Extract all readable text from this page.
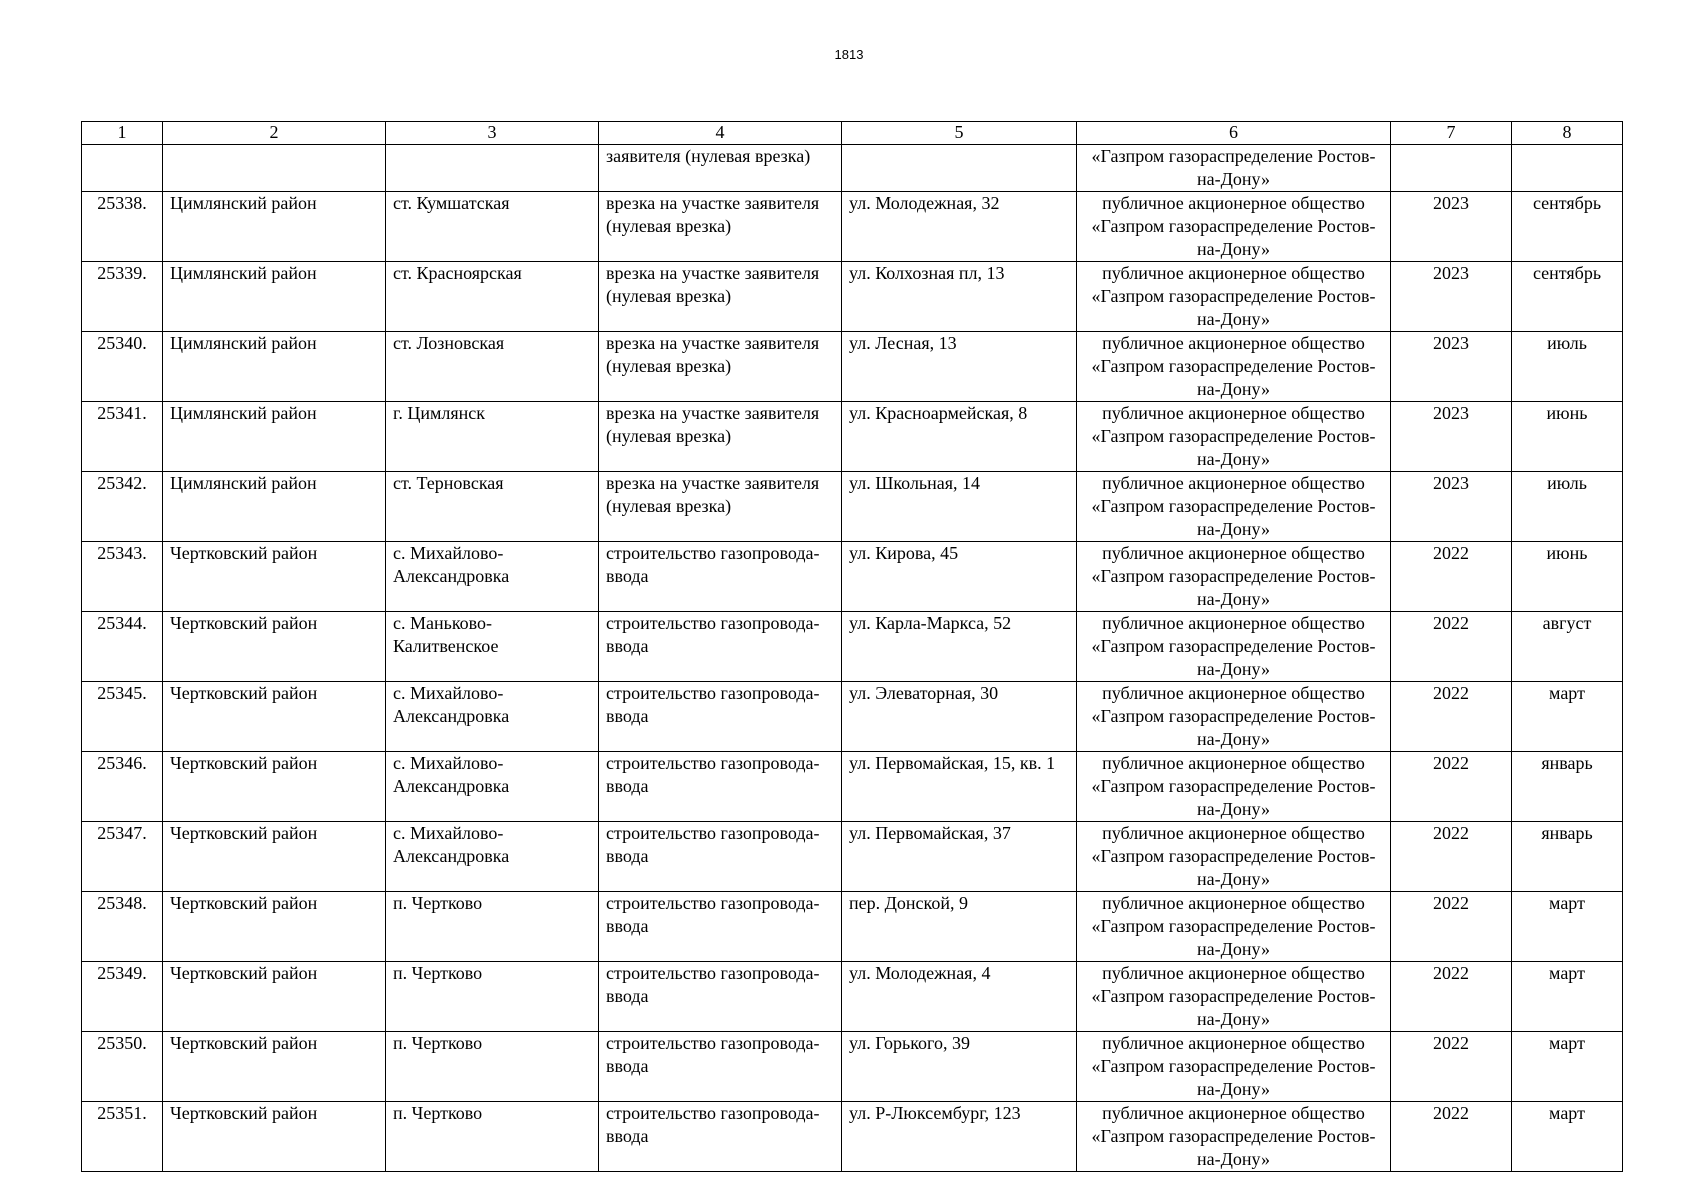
1813
1	2	3	4	5	6	7	8
			заявителя (нулевая врезка)		«Газпром газораспределение Ростов-на-Дону»		
25338.	Цимлянский район	ст. Кумшатская	врезка на участке заявителя (нулевая врезка)	ул. Молодежная, 32	публичное акционерное общество «Газпром газораспределение Ростов-на-Дону»	2023	сентябрь
25339.	Цимлянский район	ст. Красноярская	врезка на участке заявителя (нулевая врезка)	ул. Колхозная пл, 13	публичное акционерное общество «Газпром газораспределение Ростов-на-Дону»	2023	сентябрь
25340.	Цимлянский район	ст. Лозновская	врезка на участке заявителя (нулевая врезка)	ул. Лесная, 13	публичное акционерное общество «Газпром газораспределение Ростов-на-Дону»	2023	июль
25341.	Цимлянский район	г. Цимлянск	врезка на участке заявителя (нулевая врезка)	ул. Красноармейская, 8	публичное акционерное общество «Газпром газораспределение Ростов-на-Дону»	2023	июнь
25342.	Цимлянский район	ст. Терновская	врезка на участке заявителя (нулевая врезка)	ул. Школьная, 14	публичное акционерное общество «Газпром газораспределение Ростов-на-Дону»	2023	июль
25343.	Чертковский район	с. Михайлово-Александровка	строительство газопровода-ввода	ул. Кирова, 45	публичное акционерное общество «Газпром газораспределение Ростов-на-Дону»	2022	июнь
25344.	Чертковский район	с. Маньково-Калитвенское	строительство газопровода-ввода	ул. Карла-Маркса, 52	публичное акционерное общество «Газпром газораспределение Ростов-на-Дону»	2022	август
25345.	Чертковский район	с. Михайлово-Александровка	строительство газопровода-ввода	ул. Элеваторная, 30	публичное акционерное общество «Газпром газораспределение Ростов-на-Дону»	2022	март
25346.	Чертковский район	с. Михайлово-Александровка	строительство газопровода-ввода	ул. Первомайская, 15, кв. 1	публичное акционерное общество «Газпром газораспределение Ростов-на-Дону»	2022	январь
25347.	Чертковский район	с. Михайлово-Александровка	строительство газопровода-ввода	ул. Первомайская, 37	публичное акционерное общество «Газпром газораспределение Ростов-на-Дону»	2022	январь
25348.	Чертковский район	п. Чертково	строительство газопровода-ввода	пер. Донской, 9	публичное акционерное общество «Газпром газораспределение Ростов-на-Дону»	2022	март
25349.	Чертковский район	п. Чертково	строительство газопровода-ввода	ул. Молодежная, 4	публичное акционерное общество «Газпром газораспределение Ростов-на-Дону»	2022	март
25350.	Чертковский район	п. Чертково	строительство газопровода-ввода	ул. Горького, 39	публичное акционерное общество «Газпром газораспределение Ростов-на-Дону»	2022	март
25351.	Чертковский район	п. Чертково	строительство газопровода-ввода	ул. Р-Люксембург, 123	публичное акционерное общество «Газпром газораспределение Ростов-на-Дону»	2022	март
